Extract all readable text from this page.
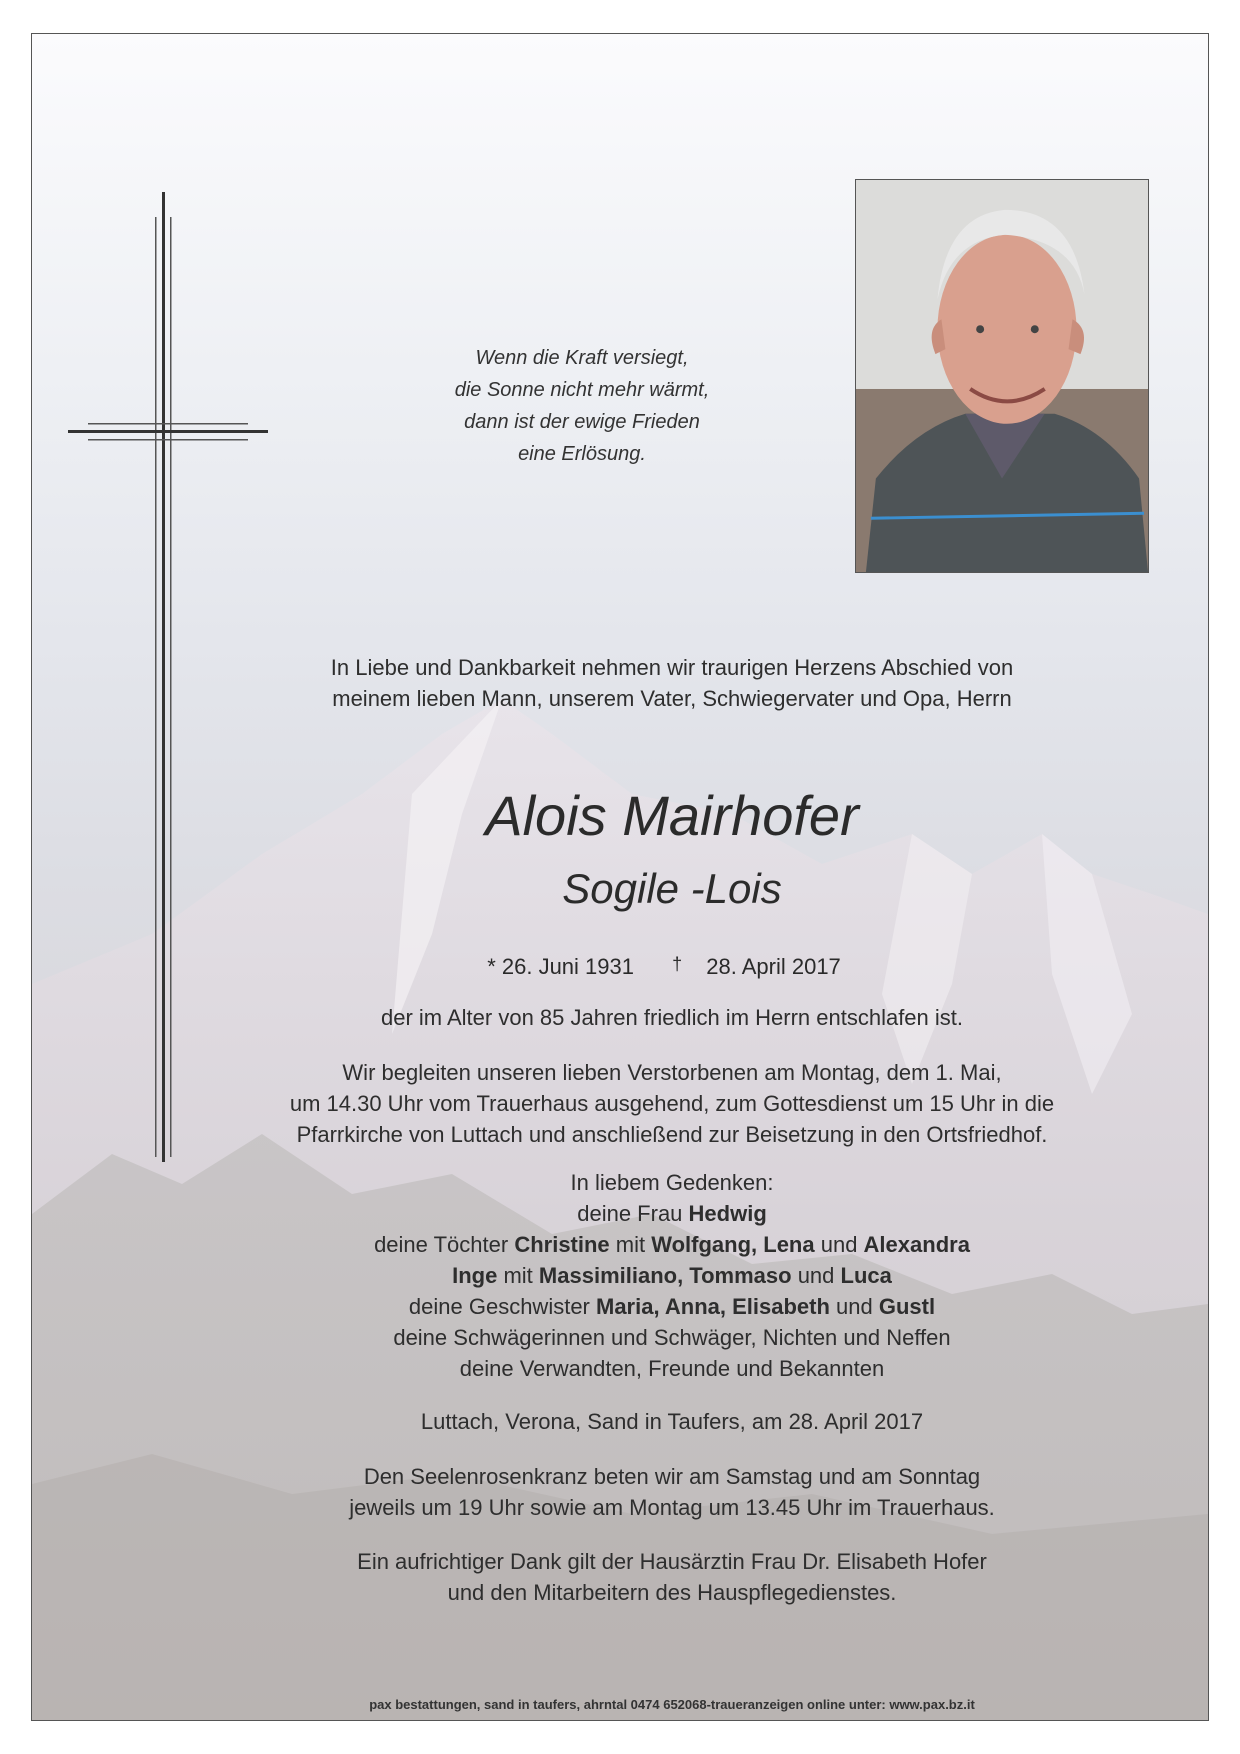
Wenn die Kraft versiegt,
die Sonne nicht mehr wärmt,
dann ist der ewige Frieden
eine Erlösung.
In Liebe und Dankbarkeit nehmen wir traurigen Herzens Abschied von
meinem lieben Mann, unserem Vater, Schwiegervater und Opa, Herrn
Alois Mairhofer
Sogile -Lois
* 26. Juni 1931 † 28. April 2017
der im Alter von 85 Jahren friedlich im Herrn entschlafen ist.
Wir begleiten unseren lieben Verstorbenen am Montag, dem 1. Mai,
um 14.30 Uhr vom Trauerhaus ausgehend, zum Gottesdienst um 15 Uhr in die
Pfarrkirche von Luttach und anschließend zur Beisetzung in den Ortsfriedhof.
In liebem Gedenken:
deine Frau Hedwig
deine Töchter Christine mit Wolfgang, Lena und Alexandra
Inge mit Massimiliano, Tommaso und Luca
deine Geschwister Maria, Anna, Elisabeth und Gustl
deine Schwägerinnen und Schwäger, Nichten und Neffen
deine Verwandten, Freunde und Bekannten
Luttach, Verona, Sand in Taufers, am 28. April 2017
Den Seelenrosenkranz beten wir am Samstag und am Sonntag
jeweils um 19 Uhr sowie am Montag um 13.45 Uhr im Trauerhaus.
Ein aufrichtiger Dank gilt der Hausärztin Frau Dr. Elisabeth Hofer
und den Mitarbeitern des Hauspflegedienstes.
pax bestattungen, sand in taufers, ahrntal 0474 652068-traueranzeigen online unter: www.pax.bz.it
